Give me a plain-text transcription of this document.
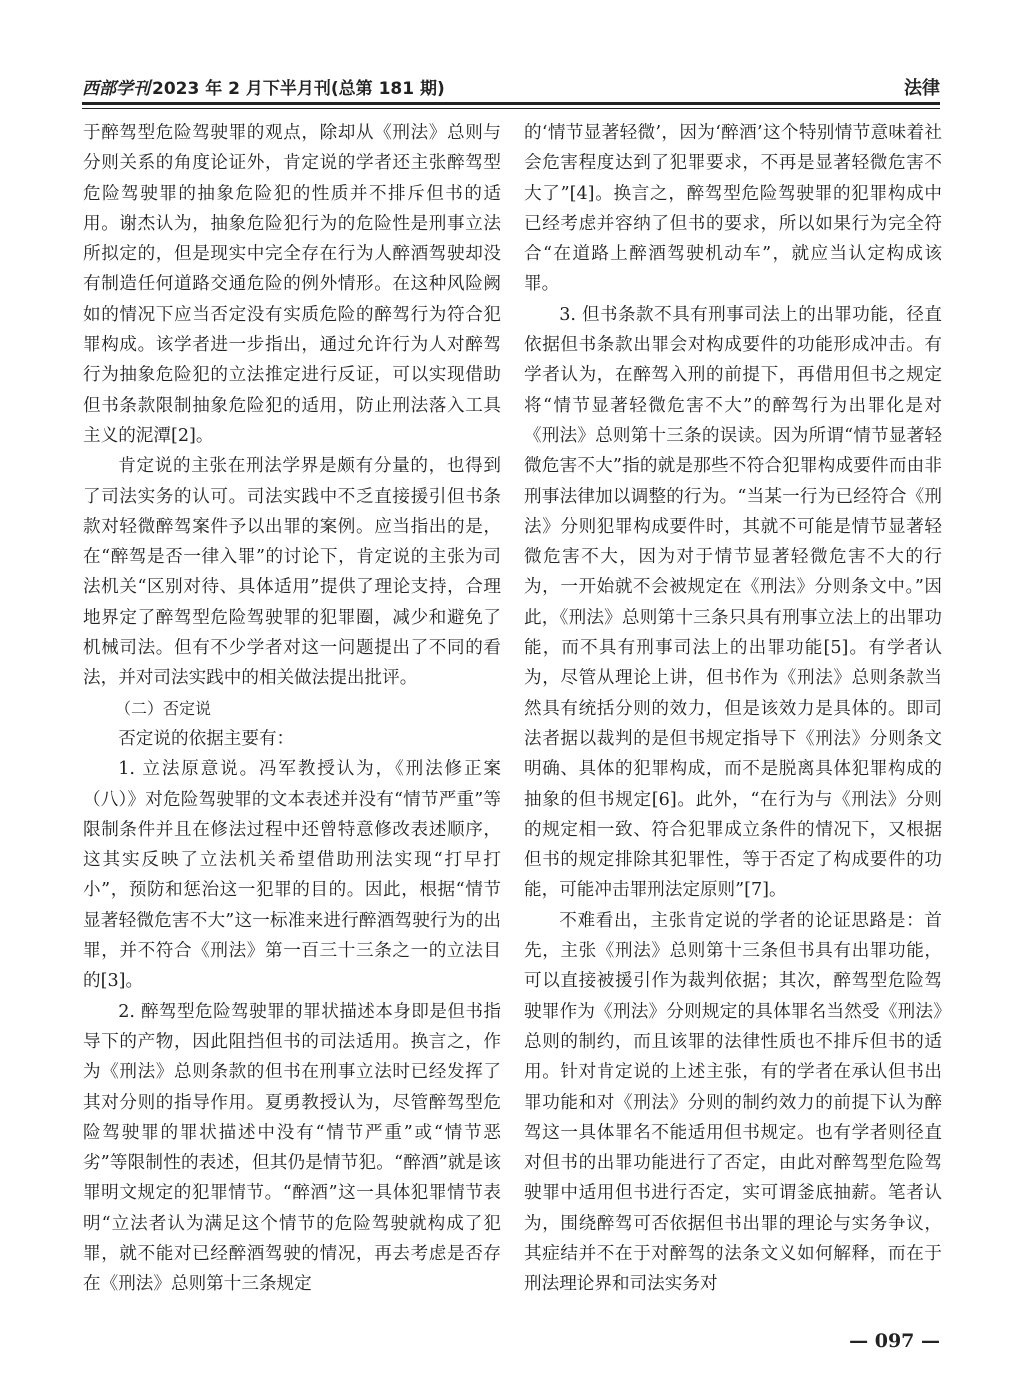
西部学刊 2023 年 2 月下半月刊(总第 181 期)	法律

于醉驾型危险驾驶罪的观点，除却从《刑法》总则与分则关系的角度论证外，肯定说的学者还主张醉驾型危险驾驶罪的抽象危险犯的性质并不排斥但书的适用。谢杰认为，抽象危险犯行为的危险性是刑事立法所拟定的，但是现实中完全存在行为人醉酒驾驶却没有制造任何道路交通危险的例外情形。在这种风险阙如的情况下应当否定没有实质危险的醉驾行为符合犯罪构成。该学者进一步指出，通过允许行为人对醉驾行为抽象危险犯的立法推定进行反证，可以实现借助但书条款限制抽象危险犯的适用，防止刑法落入工具主义的泥潭[2]。

肯定说的主张在刑法学界是颇有分量的，也得到了司法实务的认可。司法实践中不乏直接援引但书条款对轻微醉驾案件予以出罪的案例。应当指出的是，在“醉驾是否一律入罪”的讨论下，肯定说的主张为司法机关“区别对待、具体适用”提供了理论支持，合理地界定了醉驾型危险驾驶罪的犯罪圈，减少和避免了机械司法。但有不少学者对这一问题提出了不同的看法，并对司法实践中的相关做法提出批评。

（二）否定说

否定说的依据主要有：

1. 立法原意说。冯军教授认为，《刑法修正案（八）》对危险驾驶罪的文本表述并没有“情节严重”等限制条件并且在修法过程中还曾特意修改表述顺序，这其实反映了立法机关希望借助刑法实现“打早打小”，预防和惩治这一犯罪的目的。因此，根据“情节显著轻微危害不大”这一标准来进行醉酒驾驶行为的出罪，并不符合《刑法》第一百三十三条之一的立法目的[3]。

2. 醉驾型危险驾驶罪的罪状描述本身即是但书指导下的产物，因此阻挡但书的司法适用。换言之，作为《刑法》总则条款的但书在刑事立法时已经发挥了其对分则的指导作用。夏勇教授认为，尽管醉驾型危险驾驶罪的罪状描述中没有“情节严重”或“情节恶劣”等限制性的表述，但其仍是情节犯。“醉酒”就是该罪明文规定的犯罪情节。“醉酒”这一具体犯罪情节表明“立法者认为满足这个情节的危险驾驶就构成了犯罪，就不能对已经醉酒驾驶的情况，再去考虑是否存在《刑法》总则第十三条规定

的‘情节显著轻微’，因为‘醉酒’这个特别情节意味着社会危害程度达到了犯罪要求，不再是显著轻微危害不大了”[4]。换言之，醉驾型危险驾驶罪的犯罪构成中已经考虑并容纳了但书的要求，所以如果行为完全符合“在道路上醉酒驾驶机动车”，就应当认定构成该罪。

3. 但书条款不具有刑事司法上的出罪功能，径直依据但书条款出罪会对构成要件的功能形成冲击。有学者认为，在醉驾入刑的前提下，再借用但书之规定将“情节显著轻微危害不大”的醉驾行为出罪化是对《刑法》总则第十三条的误读。因为所谓“情节显著轻微危害不大”指的就是那些不符合犯罪构成要件而由非刑事法律加以调整的行为。“当某一行为已经符合《刑法》分则犯罪构成要件时，其就不可能是情节显著轻微危害不大，因为对于情节显著轻微危害不大的行为，一开始就不会被规定在《刑法》分则条文中。”因此，《刑法》总则第十三条只具有刑事立法上的出罪功能，而不具有刑事司法上的出罪功能[5]。有学者认为，尽管从理论上讲，但书作为《刑法》总则条款当然具有统括分则的效力，但是该效力是具体的。即司法者据以裁判的是但书规定指导下《刑法》分则条文明确、具体的犯罪构成，而不是脱离具体犯罪构成的抽象的但书规定[6]。此外，“在行为与《刑法》分则的规定相一致、符合犯罪成立条件的情况下，又根据但书的规定排除其犯罪性，等于否定了构成要件的功能，可能冲击罪刑法定原则”[7]。

不难看出，主张肯定说的学者的论证思路是：首先，主张《刑法》总则第十三条但书具有出罪功能，可以直接被援引作为裁判依据；其次，醉驾型危险驾驶罪作为《刑法》分则规定的具体罪名当然受《刑法》总则的制约，而且该罪的法律性质也不排斥但书的适用。针对肯定说的上述主张，有的学者在承认但书出罪功能和对《刑法》分则的制约效力的前提下认为醉驾这一具体罪名不能适用但书规定。也有学者则径直对但书的出罪功能进行了否定，由此对醉驾型危险驾驶罪中适用但书进行否定，实可谓釜底抽薪。笔者认为，围绕醉驾可否依据但书出罪的理论与实务争议，其症结并不在于对醉驾的法条文义如何解释，而在于刑法理论界和司法实务对

— 097 —
